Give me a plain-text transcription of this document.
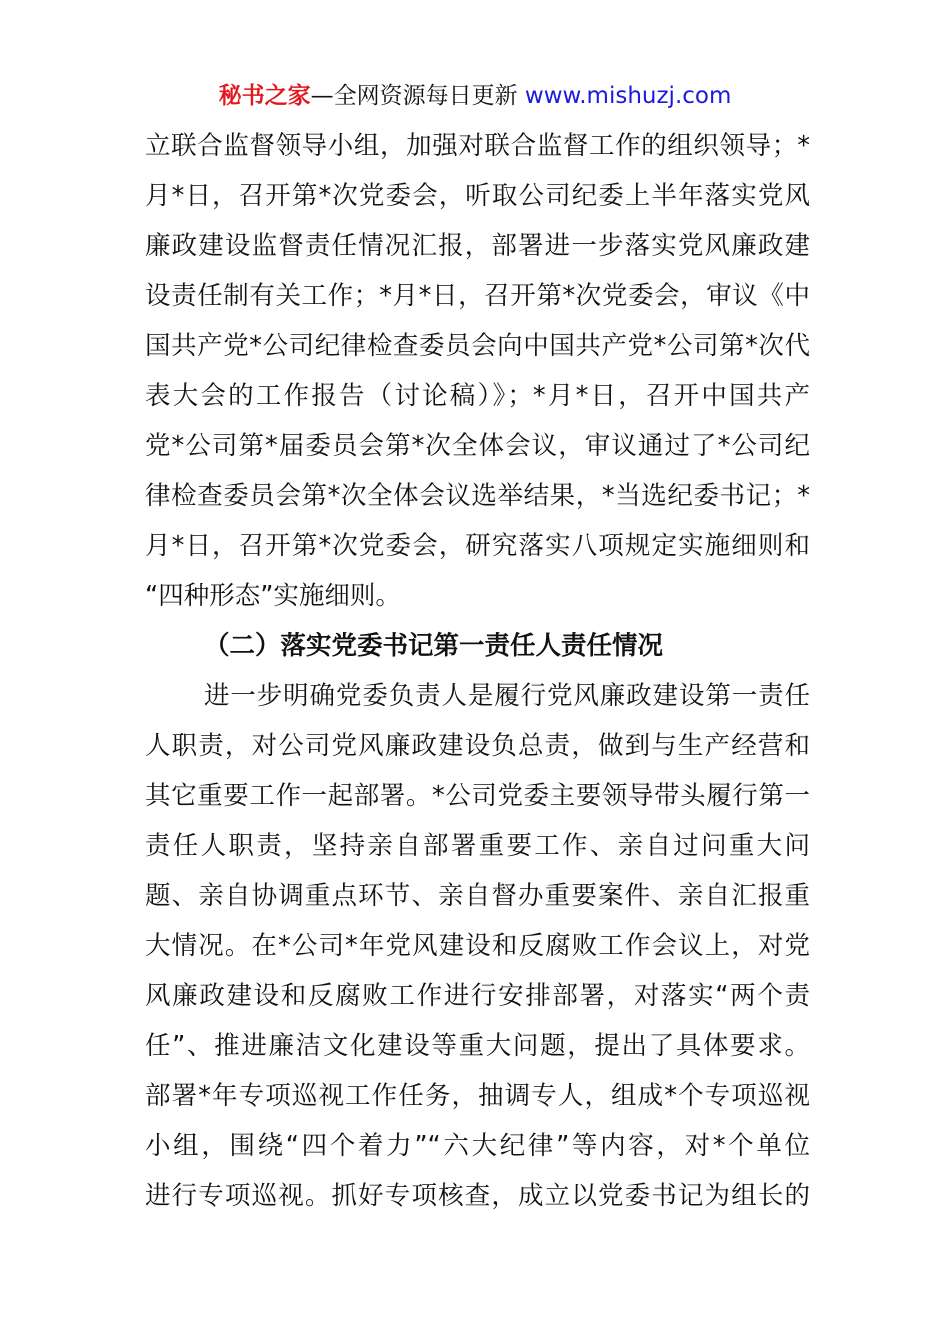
秘书之家—全网资源每日更新 www.mishuzj.com
立联合监督领导小组，加强对联合监督工作的组织领导；*
月*日，召开第*次党委会，听取公司纪委上半年落实党风
廉政建设监督责任情况汇报，部署进一步落实党风廉政建
设责任制有关工作；*月*日，召开第*次党委会，审议《中
国共产党*公司纪律检查委员会向中国共产党*公司第*次代
表大会的工作报告（讨论稿）》；*月*日，召开中国共产
党*公司第*届委员会第*次全体会议，审议通过了*公司纪
律检查委员会第*次全体会议选举结果，*当选纪委书记；*
月*日，召开第*次党委会，研究落实八项规定实施细则和
“四种形态”实施细则。
（二）落实党委书记第一责任人责任情况
进一步明确党委负责人是履行党风廉政建设第一责任
人职责，对公司党风廉政建设负总责，做到与生产经营和
其它重要工作一起部署。*公司党委主要领导带头履行第一
责任人职责，坚持亲自部署重要工作、亲自过问重大问
题、亲自协调重点环节、亲自督办重要案件、亲自汇报重
大情况。在*公司*年党风建设和反腐败工作会议上，对党
风廉政建设和反腐败工作进行安排部署，对落实“两个责
任”、推进廉洁文化建设等重大问题，提出了具体要求。
部署*年专项巡视工作任务，抽调专人，组成*个专项巡视
小组，围绕“四个着力”“六大纪律”等内容，对*个单位
进行专项巡视。抓好专项核查，成立以党委书记为组长的
